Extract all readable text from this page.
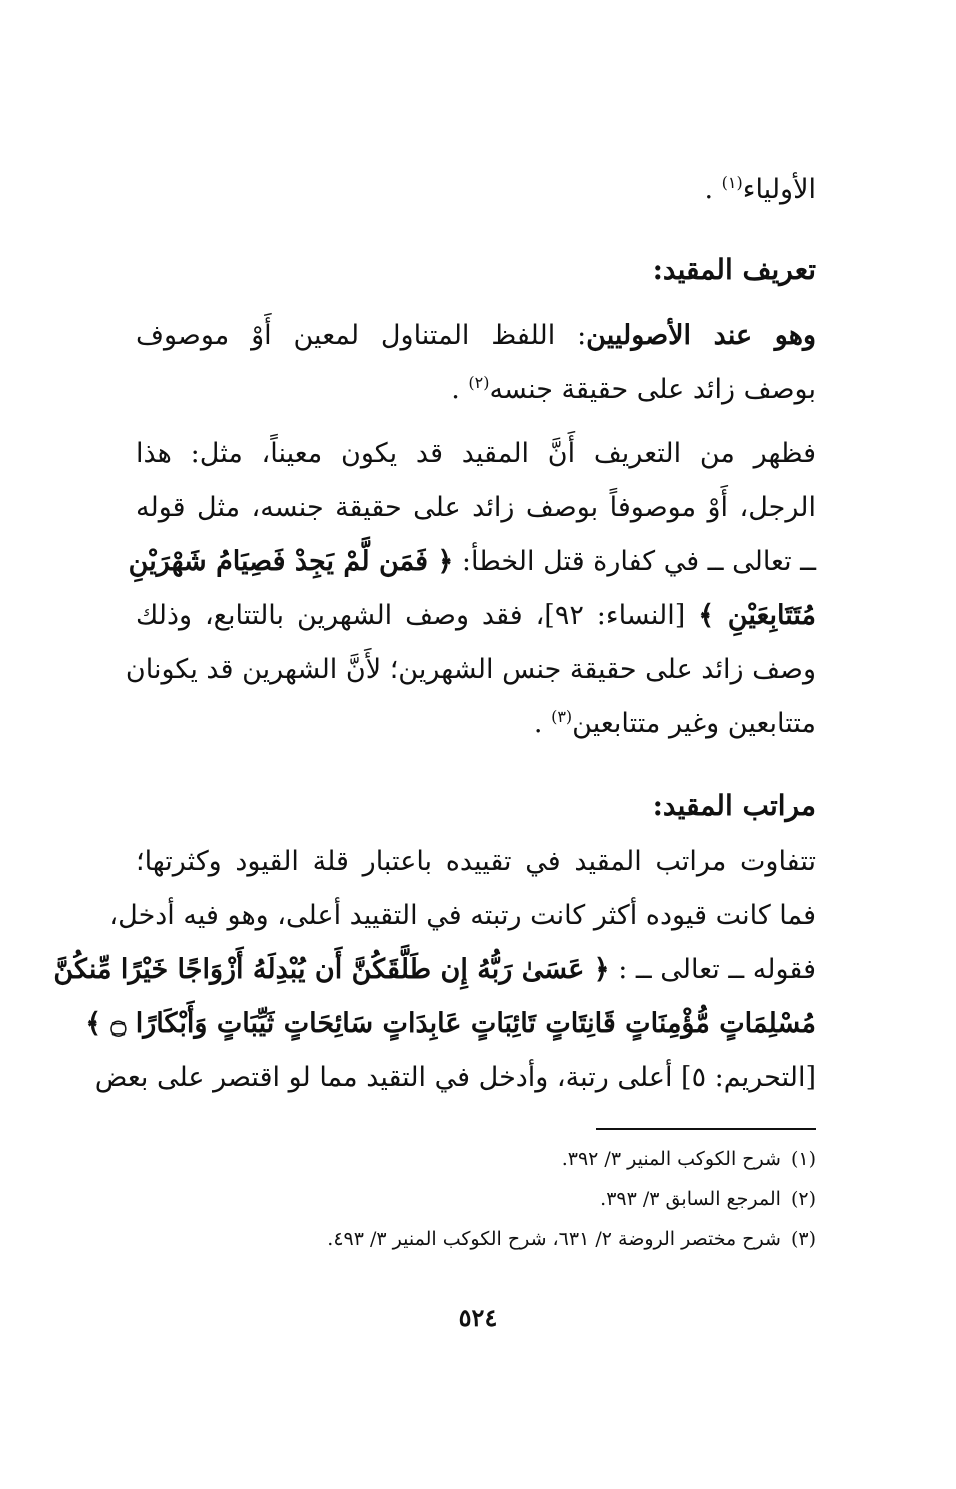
الأولياء$^{(١)}$ .
تعريف المقيد:
وهو عند الأصوليين: اللفظ المتناول لمعين أَوْ موصوف
بوصف زائد على حقيقة جنسه$^{(٢)}$ .
فظهر من التعريف أَنَّ المقيد قد يكون معيناً، مثل: هذا
الرجل، أَوْ موصوفاً بوصف زائد على حقيقة جنسه، مثل قوله
ــ تعالى ــ في كفارة قتل الخطأ: ﴿ فَمَن لَّمْ يَجِدْ فَصِيَامُ شَهْرَيْنِ
مُتَتَابِعَيْنِ ﴾ [النساء: ٩٢]، فقد وصف الشهرين بالتتابع، وذلك
وصف زائد على حقيقة جنس الشهرين؛ لأَنَّ الشهرين قد يكونان
متتابعين وغير متتابعين$^{(٣)}$ .
مراتب المقيد:
تتفاوت مراتب المقيد في تقييده باعتبار قلة القيود وكثرتها؛
فما كانت قيوده أكثر كانت رتبته في التقييد أعلى، وهو فيه أدخل،
فقوله ــ تعالى ــ : ﴿ عَسَىٰ رَبُّهُ إِن طَلَّقَكُنَّ أَن يُبْدِلَهُ أَزْوَاجًا خَيْرًا مِّنكُنَّ
مُسْلِمَاتٍ مُّؤْمِنَاتٍ قَانِتَاتٍ تَائِبَاتٍ عَابِدَاتٍ سَائِحَاتٍ ثَيِّبَاتٍ وَأَبْكَارًا ۝ ﴾
[التحريم: ٥] أعلى رتبة، وأدخل في التقيد مما لو اقتصر على بعض
(١)شرح الكوكب المنير ٣/ ٣٩٢.
(٢)المرجع السابق ٣/ ٣٩٣.
(٣)شرح مختصر الروضة ٢/ ٦٣١، شرح الكوكب المنير ٣/ ٤٩٣.
٥٢٤
